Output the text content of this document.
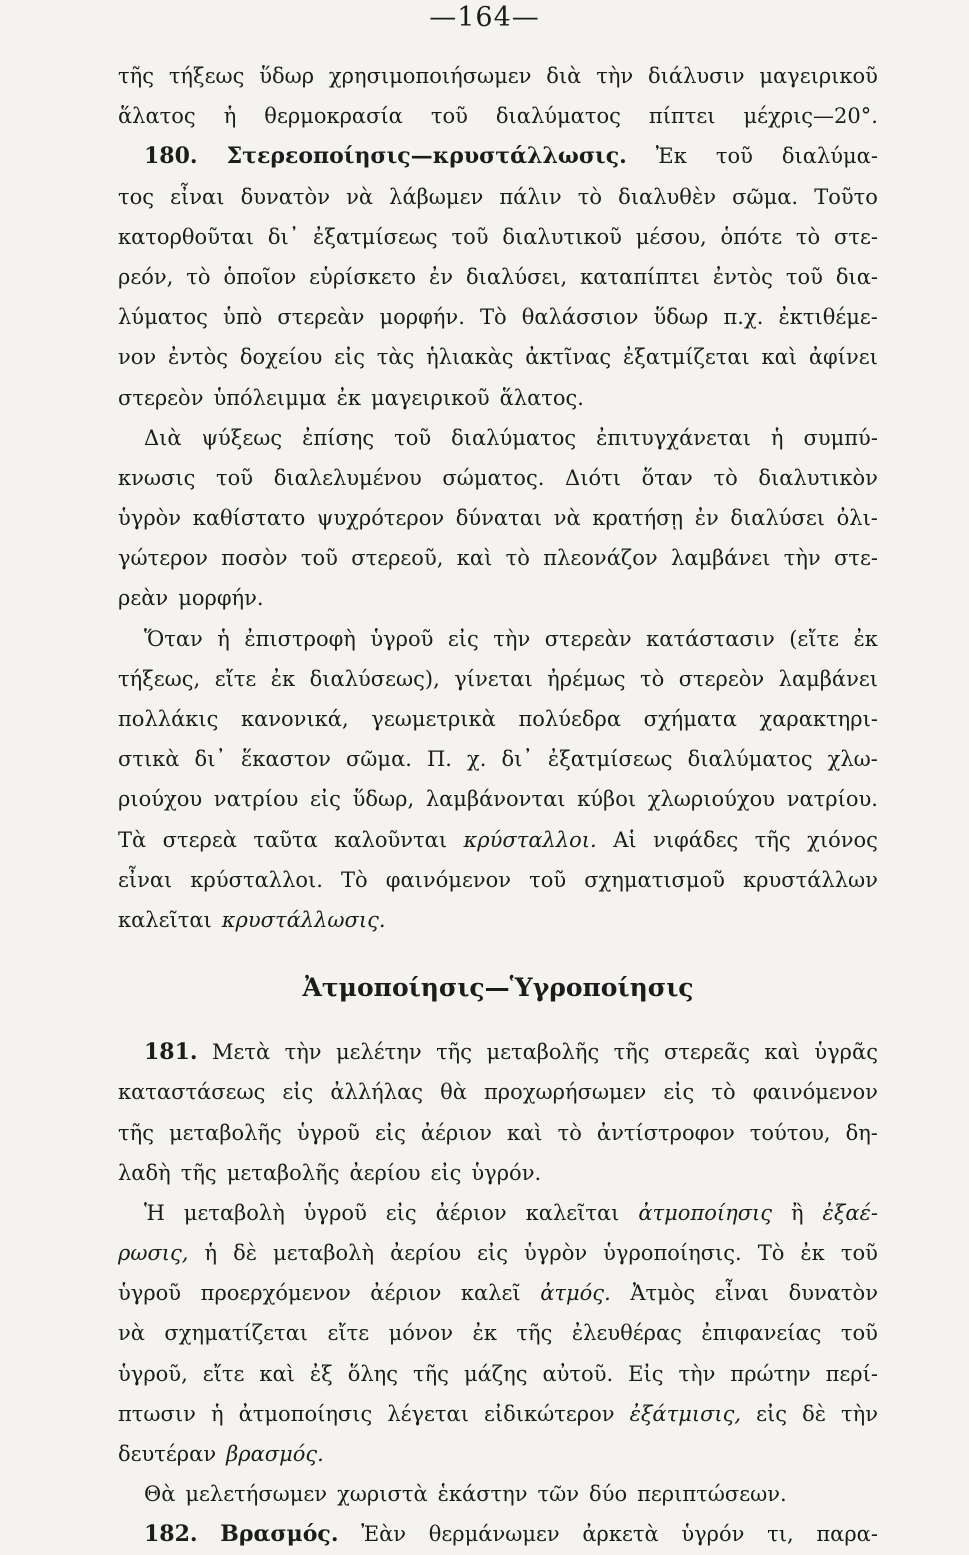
—164—
τῆς τήξεως ὕδωρ χρησιμοποιήσωμεν διὰ τὴν διάλυσιν μαγειρικοῦ
ἅλατος ἡ θερμοκρασία τοῦ διαλύματος πίπτει μέχρις—20°.
180. Στερεοποίησις—κρυστάλλωσις. Ἐκ τοῦ διαλύμα-
τος εἶναι δυνατὸν νὰ λάβωμεν πάλιν τὸ διαλυθὲν σῶμα. Τοῦτο
κατορθοῦται δι᾽ ἐξατμίσεως τοῦ διαλυτικοῦ μέσου, ὁπότε τὸ στε-
ρεόν, τὸ ὁποῖον εὑρίσκετο ἐν διαλύσει, καταπίπτει ἐντὸς τοῦ δια-
λύματος ὑπὸ στερεὰν μορφήν. Τὸ θαλάσσιον ὕδωρ π.χ. ἐκτιθέμε-
νον ἐντὸς δοχείου εἰς τὰς ἡλιακὰς ἀκτῖνας ἐξατμίζεται καὶ ἀφίνει
στερεὸν ὑπόλειμμα ἐκ μαγειρικοῦ ἅλατος.
Διὰ ψύξεως ἐπίσης τοῦ διαλύματος ἐπιτυγχάνεται ἡ συμπύ-
κνωσις τοῦ διαλελυμένου σώματος. Διότι ὅταν τὸ διαλυτικὸν
ὑγρὸν καθίστατο ψυχρότερον δύναται νὰ κρατήσῃ ἐν διαλύσει ὀλι-
γώτερον ποσὸν τοῦ στερεοῦ, καὶ τὸ πλεονάζον λαμβάνει τὴν στε-
ρεὰν μορφήν.
Ὅταν ἡ ἐπιστροφὴ ὑγροῦ εἰς τὴν στερεὰν κατάστασιν (εἴτε ἐκ
τήξεως, εἴτε ἐκ διαλύσεως), γίνεται ἠρέμως τὸ στερεὸν λαμβάνει
πολλάκις κανονικά, γεωμετρικὰ πολύεδρα σχήματα χαρακτηρι-
στικὰ δι᾽ ἕκαστον σῶμα. Π. χ. δι᾽ ἐξατμίσεως διαλύματος χλω-
ριούχου νατρίου εἰς ὕδωρ, λαμβάνονται κύβοι χλωριούχου νατρίου.
Τὰ στερεὰ ταῦτα καλοῦνται κρύσταλλοι. Αἱ νιφάδες τῆς χιόνος
εἶναι κρύσταλλοι. Τὸ φαινόμενον τοῦ σχηματισμοῦ κρυστάλλων
καλεῖται κρυστάλλωσις.
Ἀτμοποίησις—Ὑγροποίησις
181. Μετὰ τὴν μελέτην τῆς μεταβολῆς τῆς στερεᾶς καὶ ὑγρᾶς
καταστάσεως εἰς ἀλλήλας θὰ προχωρήσωμεν εἰς τὸ φαινόμενον
τῆς μεταβολῆς ὑγροῦ εἰς ἀέριον καὶ τὸ ἀντίστροφον τούτου, δη-
λαδὴ τῆς μεταβολῆς ἀερίου εἰς ὑγρόν.
Ἡ μεταβολὴ ὑγροῦ εἰς ἀέριον καλεῖται ἀτμοποίησις ἢ ἐξαέ-
ρωσις, ἡ δὲ μεταβολὴ ἀερίου εἰς ὑγρὸν ὑγροποίησις. Τὸ ἐκ τοῦ
ὑγροῦ προερχόμενον ἀέριον καλεῖ ἀτμός. Ἀτμὸς εἶναι δυνατὸν
νὰ σχηματίζεται εἴτε μόνον ἐκ τῆς ἐλευθέρας ἐπιφανείας τοῦ
ὑγροῦ, εἴτε καὶ ἐξ ὅλης τῆς μάζης αὐτοῦ. Εἰς τὴν πρώτην περί-
πτωσιν ἡ ἀτμοποίησις λέγεται εἰδικώτερον ἐξάτμισις, εἰς δὲ τὴν
δευτέραν βρασμός.
Θὰ μελετήσωμεν χωριστὰ ἑκάστην τῶν δύο περιπτώσεων.
182. Βρασμός. Ἐὰν θερμάνωμεν ἀρκετὰ ὑγρόν τι, παρα-
